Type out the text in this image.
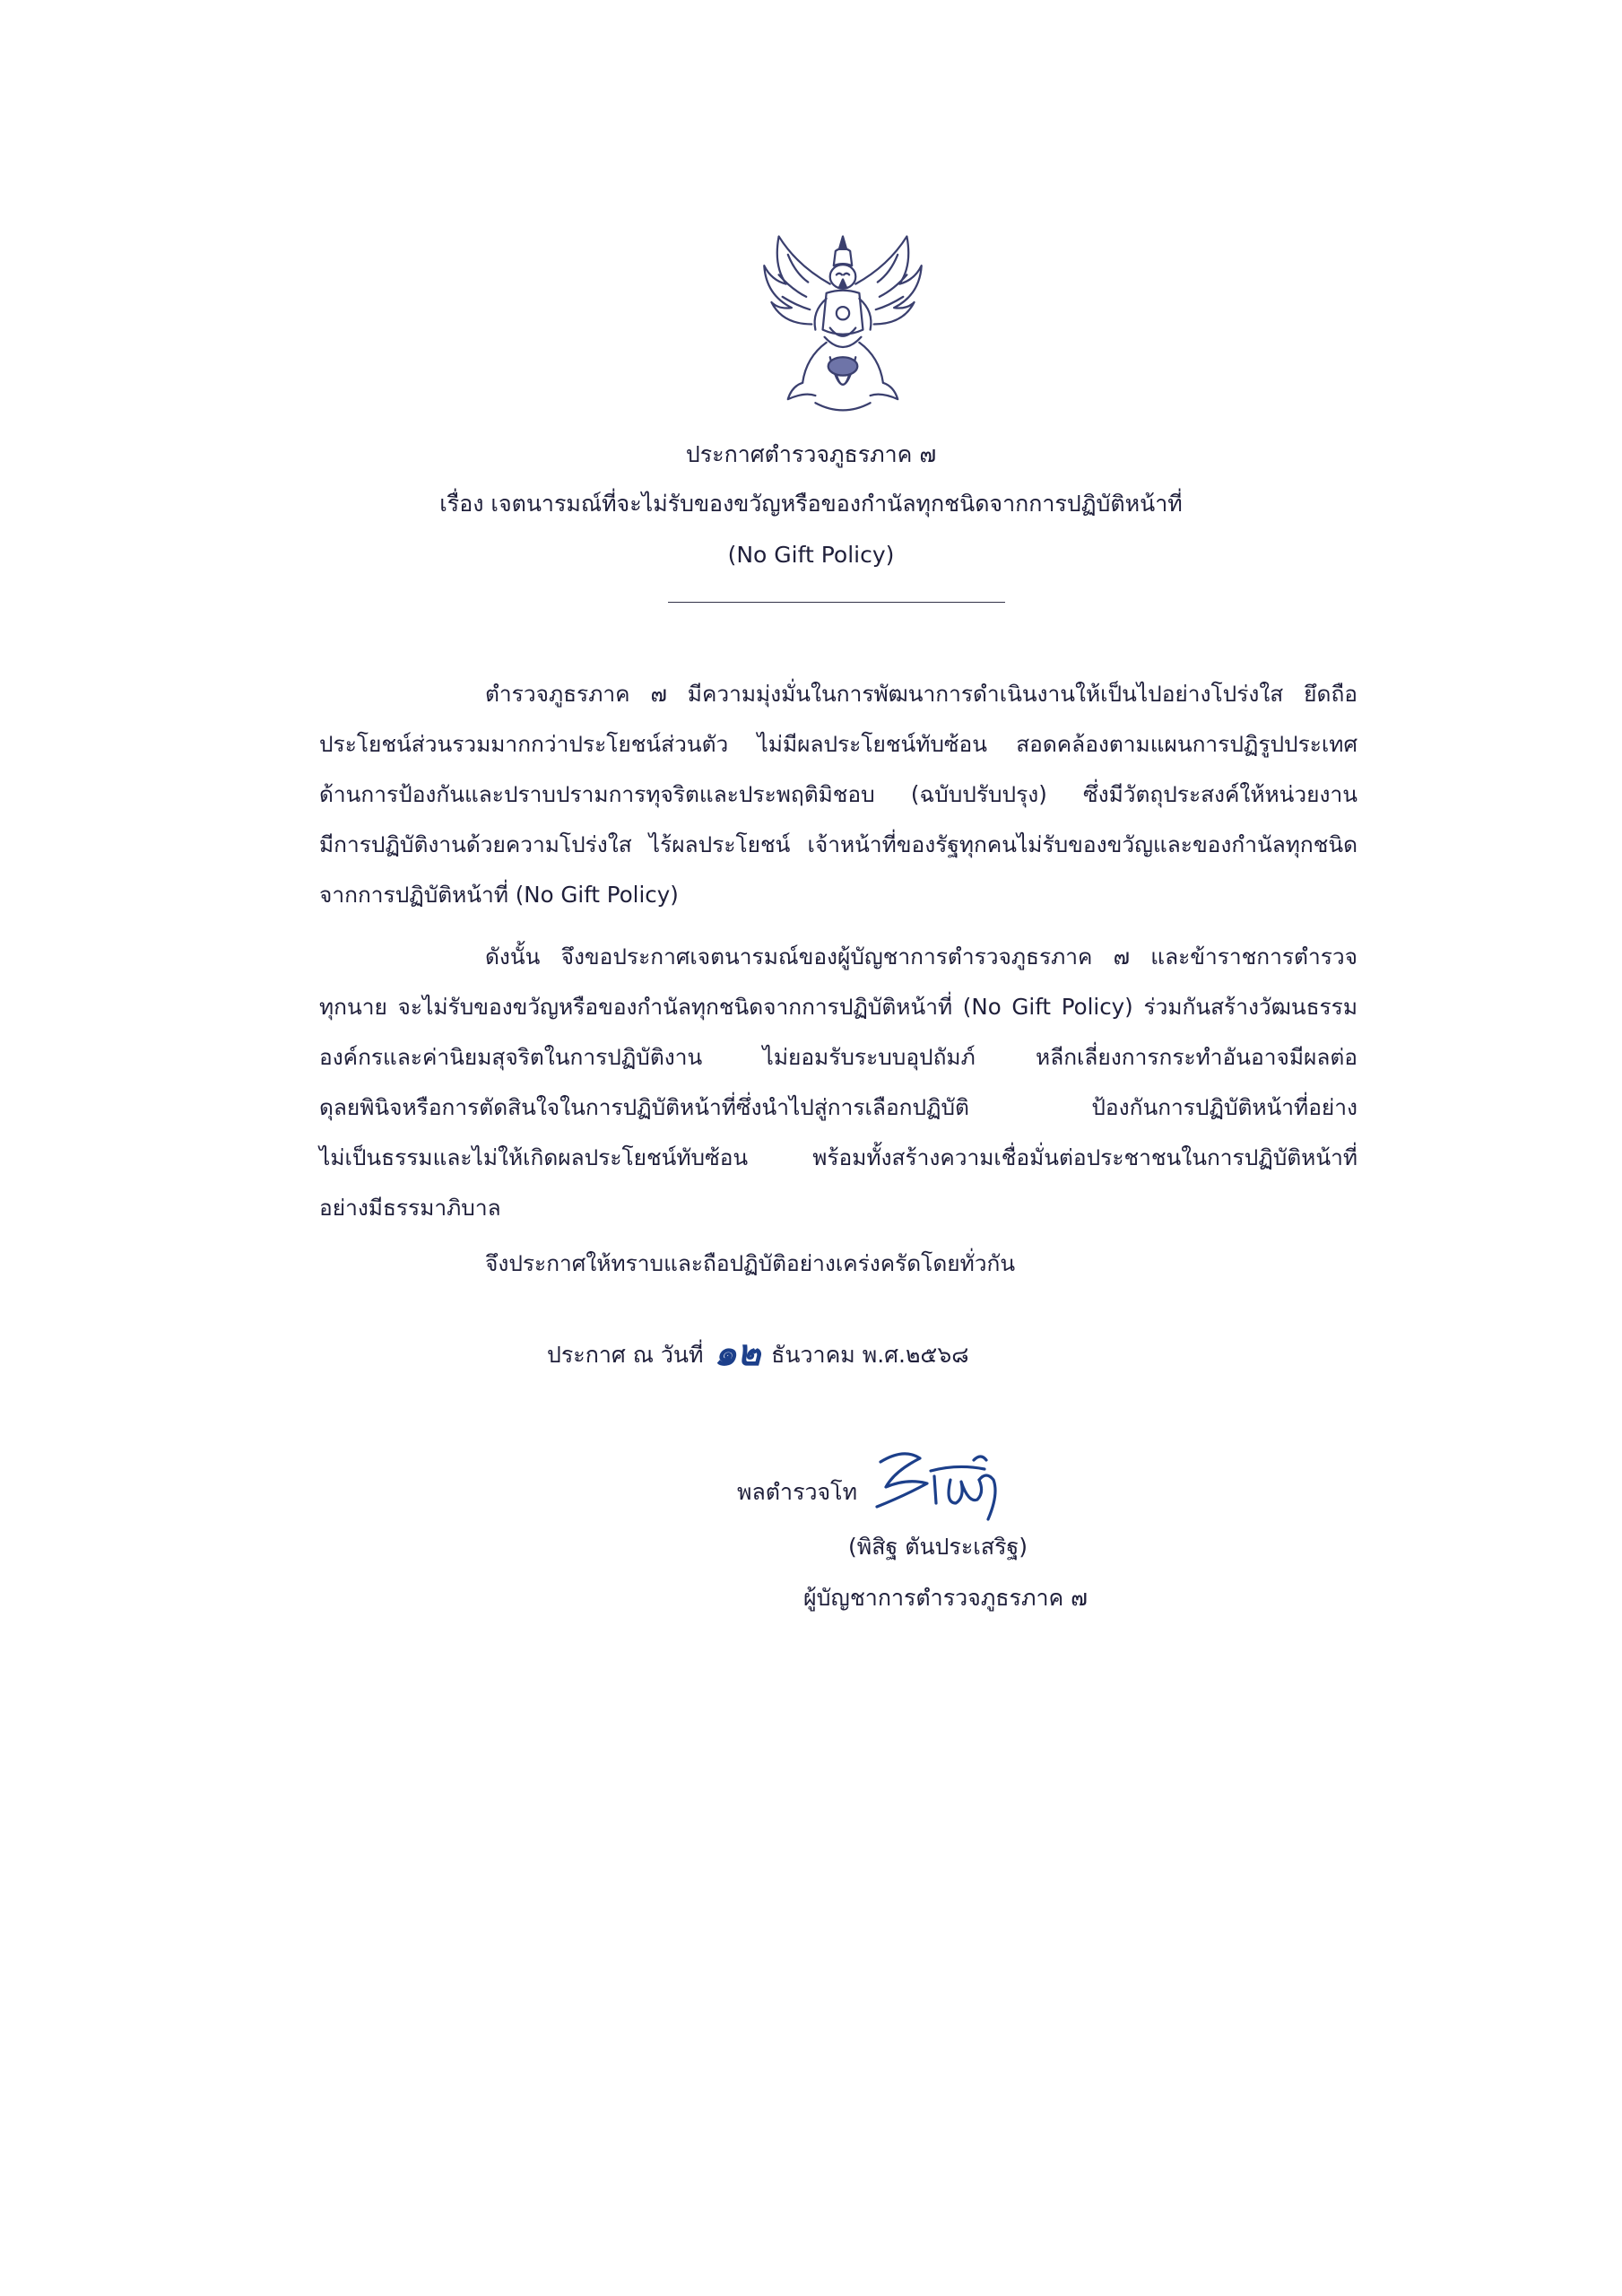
ประกาศตำรวจภูธรภาค ๗
เรื่อง เจตนารมณ์ที่จะไม่รับของขวัญหรือของกำนัลทุกชนิดจากการปฏิบัติหน้าที่
(No Gift Policy)
ตำรวจภูธรภาค ๗ มีความมุ่งมั่นในการพัฒนาการดำเนินงานให้เป็นไปอย่างโปร่งใส ยึดถือ
ประโยชน์ส่วนรวมมากกว่าประโยชน์ส่วนตัว ไม่มีผลประโยชน์ทับซ้อน สอดคล้องตามแผนการปฏิรูปประเทศ
ด้านการป้องกันและปราบปรามการทุจริตและประพฤติมิชอบ (ฉบับปรับปรุง) ซึ่งมีวัตถุประสงค์ให้หน่วยงาน
มีการปฏิบัติงานด้วยความโปร่งใส ไร้ผลประโยชน์ เจ้าหน้าที่ของรัฐทุกคนไม่รับของขวัญและของกำนัลทุกชนิด
จากการปฏิบัติหน้าที่ (No Gift Policy)
ดังนั้น จึงขอประกาศเจตนารมณ์ของผู้บัญชาการตำรวจภูธรภาค ๗ และข้าราชการตำรวจ
ทุกนาย จะไม่รับของขวัญหรือของกำนัลทุกชนิดจากการปฏิบัติหน้าที่ (No Gift Policy) ร่วมกันสร้างวัฒนธรรม
องค์กรและค่านิยมสุจริตในการปฏิบัติงาน ไม่ยอมรับระบบอุปถัมภ์ หลีกเลี่ยงการกระทำอันอาจมีผลต่อ
ดุลยพินิจหรือการตัดสินใจในการปฏิบัติหน้าที่ซึ่งนำไปสู่การเลือกปฏิบัติ ป้องกันการปฏิบัติหน้าที่อย่าง
ไม่เป็นธรรมและไม่ให้เกิดผลประโยชน์ทับซ้อน พร้อมทั้งสร้างความเชื่อมั่นต่อประชาชนในการปฏิบัติหน้าที่
อย่างมีธรรมาภิบาล
จึงประกาศให้ทราบและถือปฏิบัติอย่างเคร่งครัดโดยทั่วกัน
ประกาศ ณ วันที่ ๑๒ ธันวาคม พ.ศ.๒๕๖๘
พลตำรวจโท
(พิสิฐ ตันประเสริฐ)
ผู้บัญชาการตำรวจภูธรภาค ๗
